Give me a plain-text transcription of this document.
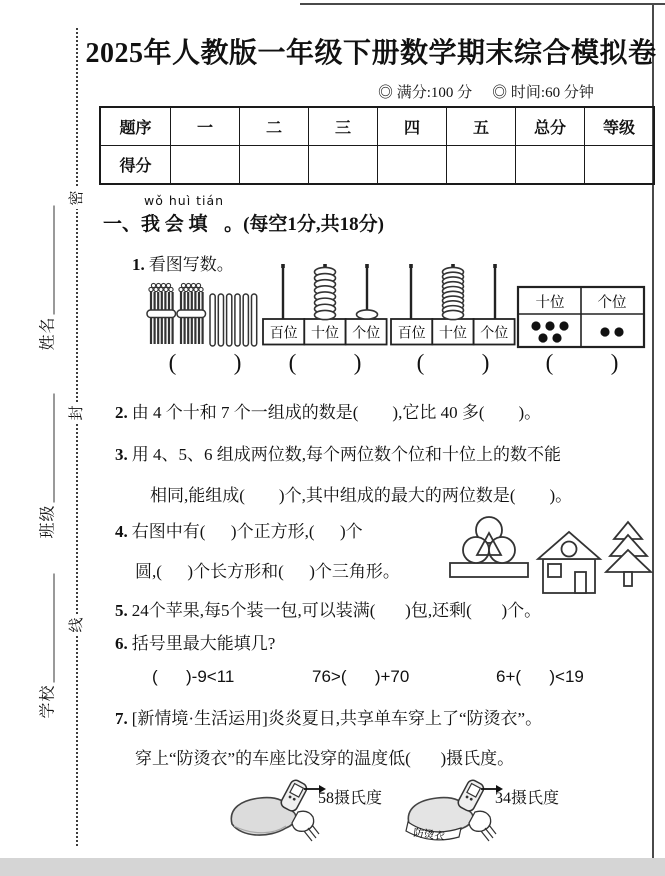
密
封
线
姓名
班级
学校
2025年人教版一年级下册数学期末综合模拟卷
◎ 满分:100 分 ◎ 时间:60 分钟
题序	一	二	三	四	五	总分	等级
得分
一、
wǒ huì tián
我 会 填 。(每空1分,共18分)
1. 看图写数。
百位 十位 个位 百位 十位 个位
十位 个位
(          )	(          )	(          )	(          )
2. 由 4 个十和 7 个一组成的数是(        ),它比 40 多(        )。
3. 用 4、5、6 组成两位数,每个两位数个位和十位上的数不能
相同,能组成(        )个,其中组成的最大的两位数是(        )。
4. 右图中有(      )个正方形,(      )个
圆,(      )个长方形和(      )个三角形。
5. 24个苹果,每5个装一包,可以装满(       )包,还剩(       )个。
6. 括号里最大能填几?
(      )-9<11	76>(      )+70	6+(      )<19
7. [新情境·生活运用]炎炎夏日,共享单车穿上了“防烫衣”。
穿上“防烫衣”的车座比没穿的温度低(       )摄氏度。
58摄氏度
防烫衣
34摄氏度
